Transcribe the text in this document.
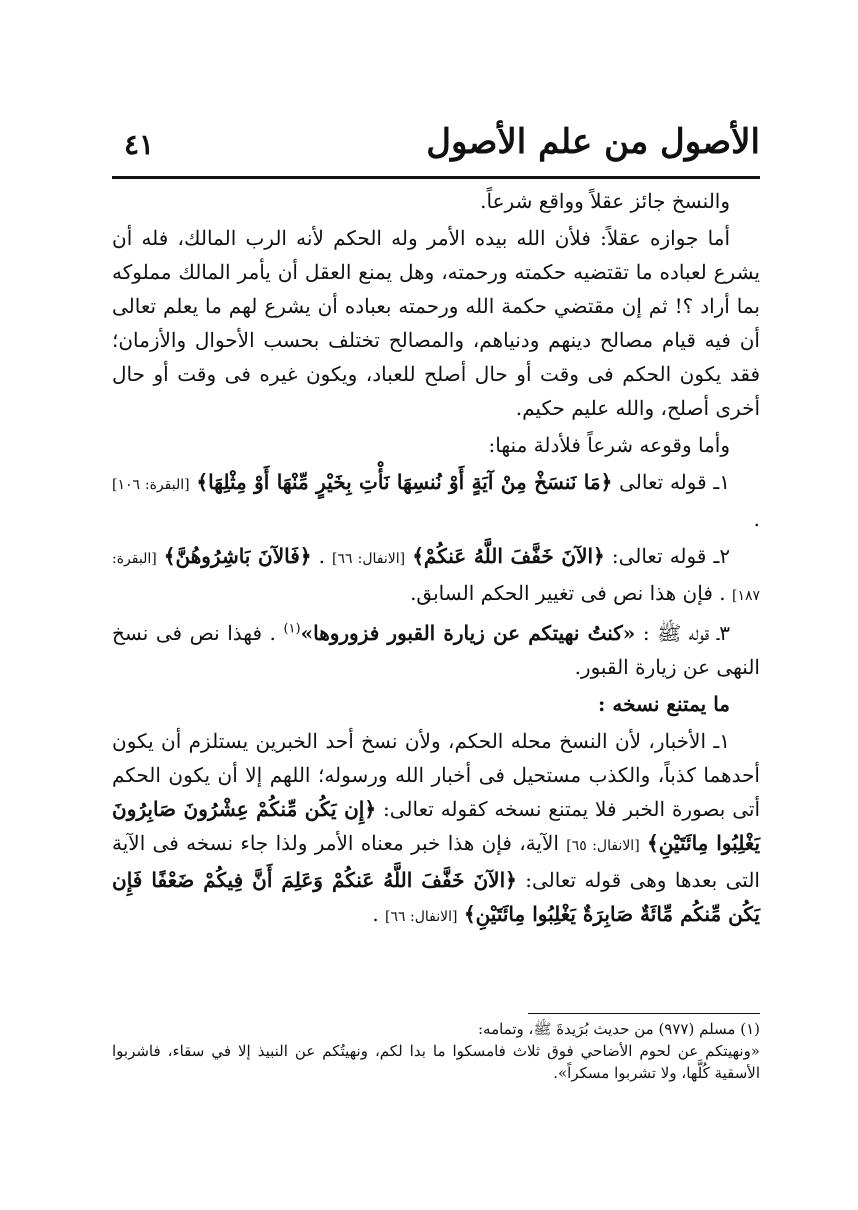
الأصول من علم الأصول
٤١

والنسخ جائز عقلاً وواقع شرعاً.

أما جوازه عقلاً: فلأن الله بيده الأمر وله الحكم لأنه الرب المالك، فله أن يشرع لعباده ما تقتضيه حكمته ورحمته، وهل يمنع العقل أن يأمر المالك مملوكه بما أراد ؟! ثم إن مقتضي حكمة الله ورحمته بعباده أن يشرع لهم ما يعلم تعالى أن فيه قيام مصالح دينهم ودنياهم، والمصالح تختلف بحسب الأحوال والأزمان؛ فقد يكون الحكم فى وقت أو حال أصلح للعباد، ويكون غيره فى وقت أو حال أخرى أصلح، والله عليم حكيم.

وأما وقوعه شرعاً فلأدلة منها:

١ـ قوله تعالى ﴿مَا نَنسَخْ مِنْ آيَةٍ أَوْ نُنسِهَا نَأْتِ بِخَيْرٍ مِّنْهَا أَوْ مِثْلِهَا﴾ [البقرة: ١٠٦] .

٢ـ قوله تعالى: ﴿الآنَ خَفَّفَ اللَّهُ عَنكُمْ﴾ [الانفال: ٦٦] . ﴿فَالآنَ بَاشِرُوهُنَّ﴾ [البقرة: ١٨٧] . فإن هذا نص فى تغيير الحكم السابق.

٣ـ قوله ﷺ : «كنتُ نهيتكم عن زيارة القبور فزوروها»$^{(١)}$ . فهذا نص فى نسخ النهى عن زيارة القبور.

ما يمتنع نسخه :

١ـ الأخبار، لأن النسخ محله الحكم، ولأن نسخ أحد الخبرين يستلزم أن يكون أحدهما كذباً، والكذب مستحيل فى أخبار الله ورسوله؛ اللهم إلا أن يكون الحكم أتى بصورة الخبر فلا يمتنع نسخه كقوله تعالى: ﴿إِن يَكُن مِّنكُمْ عِشْرُونَ صَابِرُونَ يَغْلِبُوا مِائَتَيْنِ﴾ [الانفال: ٦٥] الآية، فإن هذا خبر معناه الأمر ولذا جاء نسخه فى الآية التى بعدها وهى قوله تعالى: ﴿الآنَ خَفَّفَ اللَّهُ عَنكُمْ وَعَلِمَ أَنَّ فِيكُمْ ضَعْفًا فَإِن يَكُن مِّنكُم مِّائَةٌ صَابِرَةٌ يَغْلِبُوا مِائَتَيْنِ﴾ [الانفال: ٦٦] .

(١) مسلم (٩٧٧) من حديث بُرَيدةَ ﷺ، وتمامه:

«ونهيتكم عن لحوم الأضاحي فوق ثلاث فامسكوا ما بدا لكم، ونهيتُكم عن النبيذ إلا في سقاء، فاشربوا الأسقية كُلَّها، ولا تشربوا مسكراً».
